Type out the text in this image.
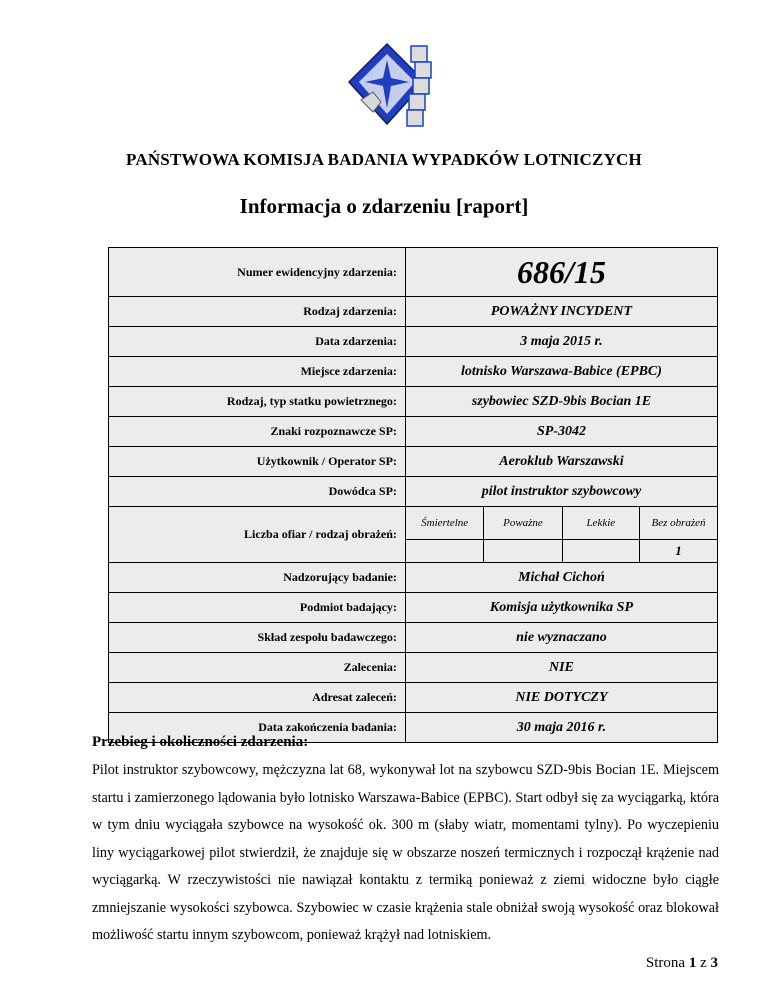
PAŃSTWOWA KOMISJA BADANIA WYPADKÓW LOTNICZYCH
Informacja o zdarzeniu [raport]
Numer ewidencyjny zdarzenia:	686/15			
Rodzaj zdarzenia:	POWAŻNY INCYDENT			
Data zdarzenia:	3 maja 2015 r.			
Miejsce zdarzenia:	lotnisko Warszawa-Babice (EPBC)			
Rodzaj, typ statku powietrznego:	szybowiec SZD-9bis Bocian 1E			
Znaki rozpoznawcze SP:	SP-3042			
Użytkownik / Operator SP:	Aeroklub Warszawski			
Dowódca SP:	pilot instruktor szybowcowy			
Liczba ofiar / rodzaj obrażeń:	Śmiertelne	Poważne	Lekkie	Bez obrażeń
				1
Nadzorujący badanie:	Michał Cichoń			
Podmiot badający:	Komisja użytkownika SP			
Skład zespołu badawczego:	nie wyznaczano			
Zalecenia:	NIE			
Adresat zaleceń:	NIE DOTYCZY			
Data zakończenia badania:	30 maja 2016 r.			
Przebieg i okoliczności zdarzenia:

Pilot instruktor szybowcowy, mężczyzna lat 68, wykonywał lot na szybowcu SZD-9bis Bocian 1E. Miejscem startu i zamierzonego lądowania było lotnisko Warszawa-Babice (EPBC). Start odbył się za wyciągarką, która w tym dniu wyciągała szybowce na wysokość ok. 300 m (słaby wiatr, momentami tylny). Po wyczepieniu liny wyciągarkowej pilot stwierdził, że znajduje się w obszarze noszeń termicznych i rozpoczął krążenie nad wyciągarką. W rzeczywistości nie nawiązał kontaktu z termiką ponieważ z ziemi widoczne było ciągłe zmniejszanie wysokości szybowca. Szybowiec w czasie krążenia stale obniżał swoją wysokość oraz blokował możliwość startu innym szybowcom, ponieważ krążył nad lotniskiem.

Strona 1 z 3
